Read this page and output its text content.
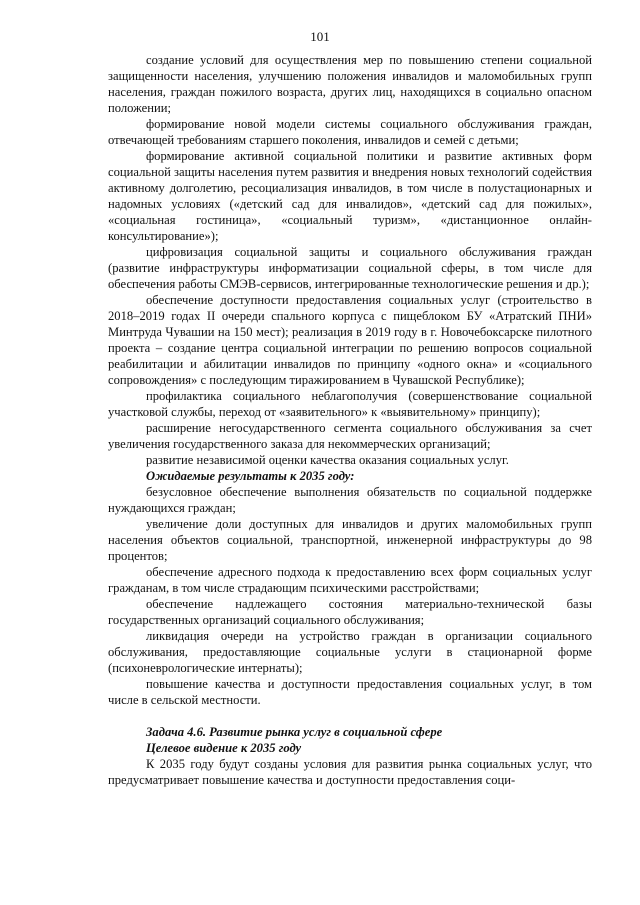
101

создание условий для осуществления мер по повышению степени социальной защищенности населения, улучшению положения инвалидов и маломобильных групп населения, граждан пожилого возраста, других лиц, находящихся в социально опасном положении;

формирование новой модели системы социального обслуживания граждан, отвечающей требованиям старшего поколения, инвалидов и семей с детьми;

формирование активной социальной политики и развитие активных форм социальной защиты населения путем развития и внедрения новых технологий содействия активному долголетию, ресоциализация инвалидов, в том числе в полустационарных и надомных условиях («детский сад для инвалидов», «детский сад для пожилых», «социальная гостиница», «социальный туризм», «дистанционное онлайн-консультирование»);

цифровизация социальной защиты и социального обслуживания граждан (развитие инфраструктуры информатизации социальной сферы, в том числе для обеспечения работы СМЭВ-сервисов, интегрированные технологические решения и др.);

обеспечение доступности предоставления социальных услуг (строительство в 2018–2019 годах II очереди спального корпуса с пищеблоком БУ «Атратский ПНИ» Минтруда Чувашии на 150 мест); реализация в 2019 году в г. Новочебоксарске пилотного проекта – создание центра социальной интеграции по решению вопросов социальной реабилитации и абилитации инвалидов по принципу «одного окна» и «социального сопровождения» с последующим тиражированием в Чувашской Республике);

профилактика социального неблагополучия (совершенствование социальной участковой службы, переход от «заявительного» к «выявительному» принципу);

расширение негосударственного сегмента социального обслуживания за счет увеличения государственного заказа для некоммерческих организаций;

развитие независимой оценки качества оказания социальных услуг.

Ожидаемые результаты к 2035 году:

безусловное обеспечение выполнения обязательств по социальной поддержке нуждающихся граждан;

увеличение доли доступных для инвалидов и других маломобильных групп населения объектов социальной, транспортной, инженерной инфраструктуры до 98 процентов;

обеспечение адресного подхода к предоставлению всех форм социальных услуг гражданам, в том числе страдающим психическими расстройствами;

обеспечение надлежащего состояния материально-технической базы государственных организаций социального обслуживания;

ликвидация очереди на устройство граждан в организации социального обслуживания, предоставляющие социальные услуги в стационарной форме (психоневрологические интернаты);

повышение качества и доступности предоставления социальных услуг, в том числе в сельской местности.

Задача 4.6. Развитие рынка услуг в социальной сфере

Целевое видение к 2035 году

К 2035 году будут созданы условия для развития рынка социальных услуг, что предусматривает повышение качества и доступности предоставления соци-
